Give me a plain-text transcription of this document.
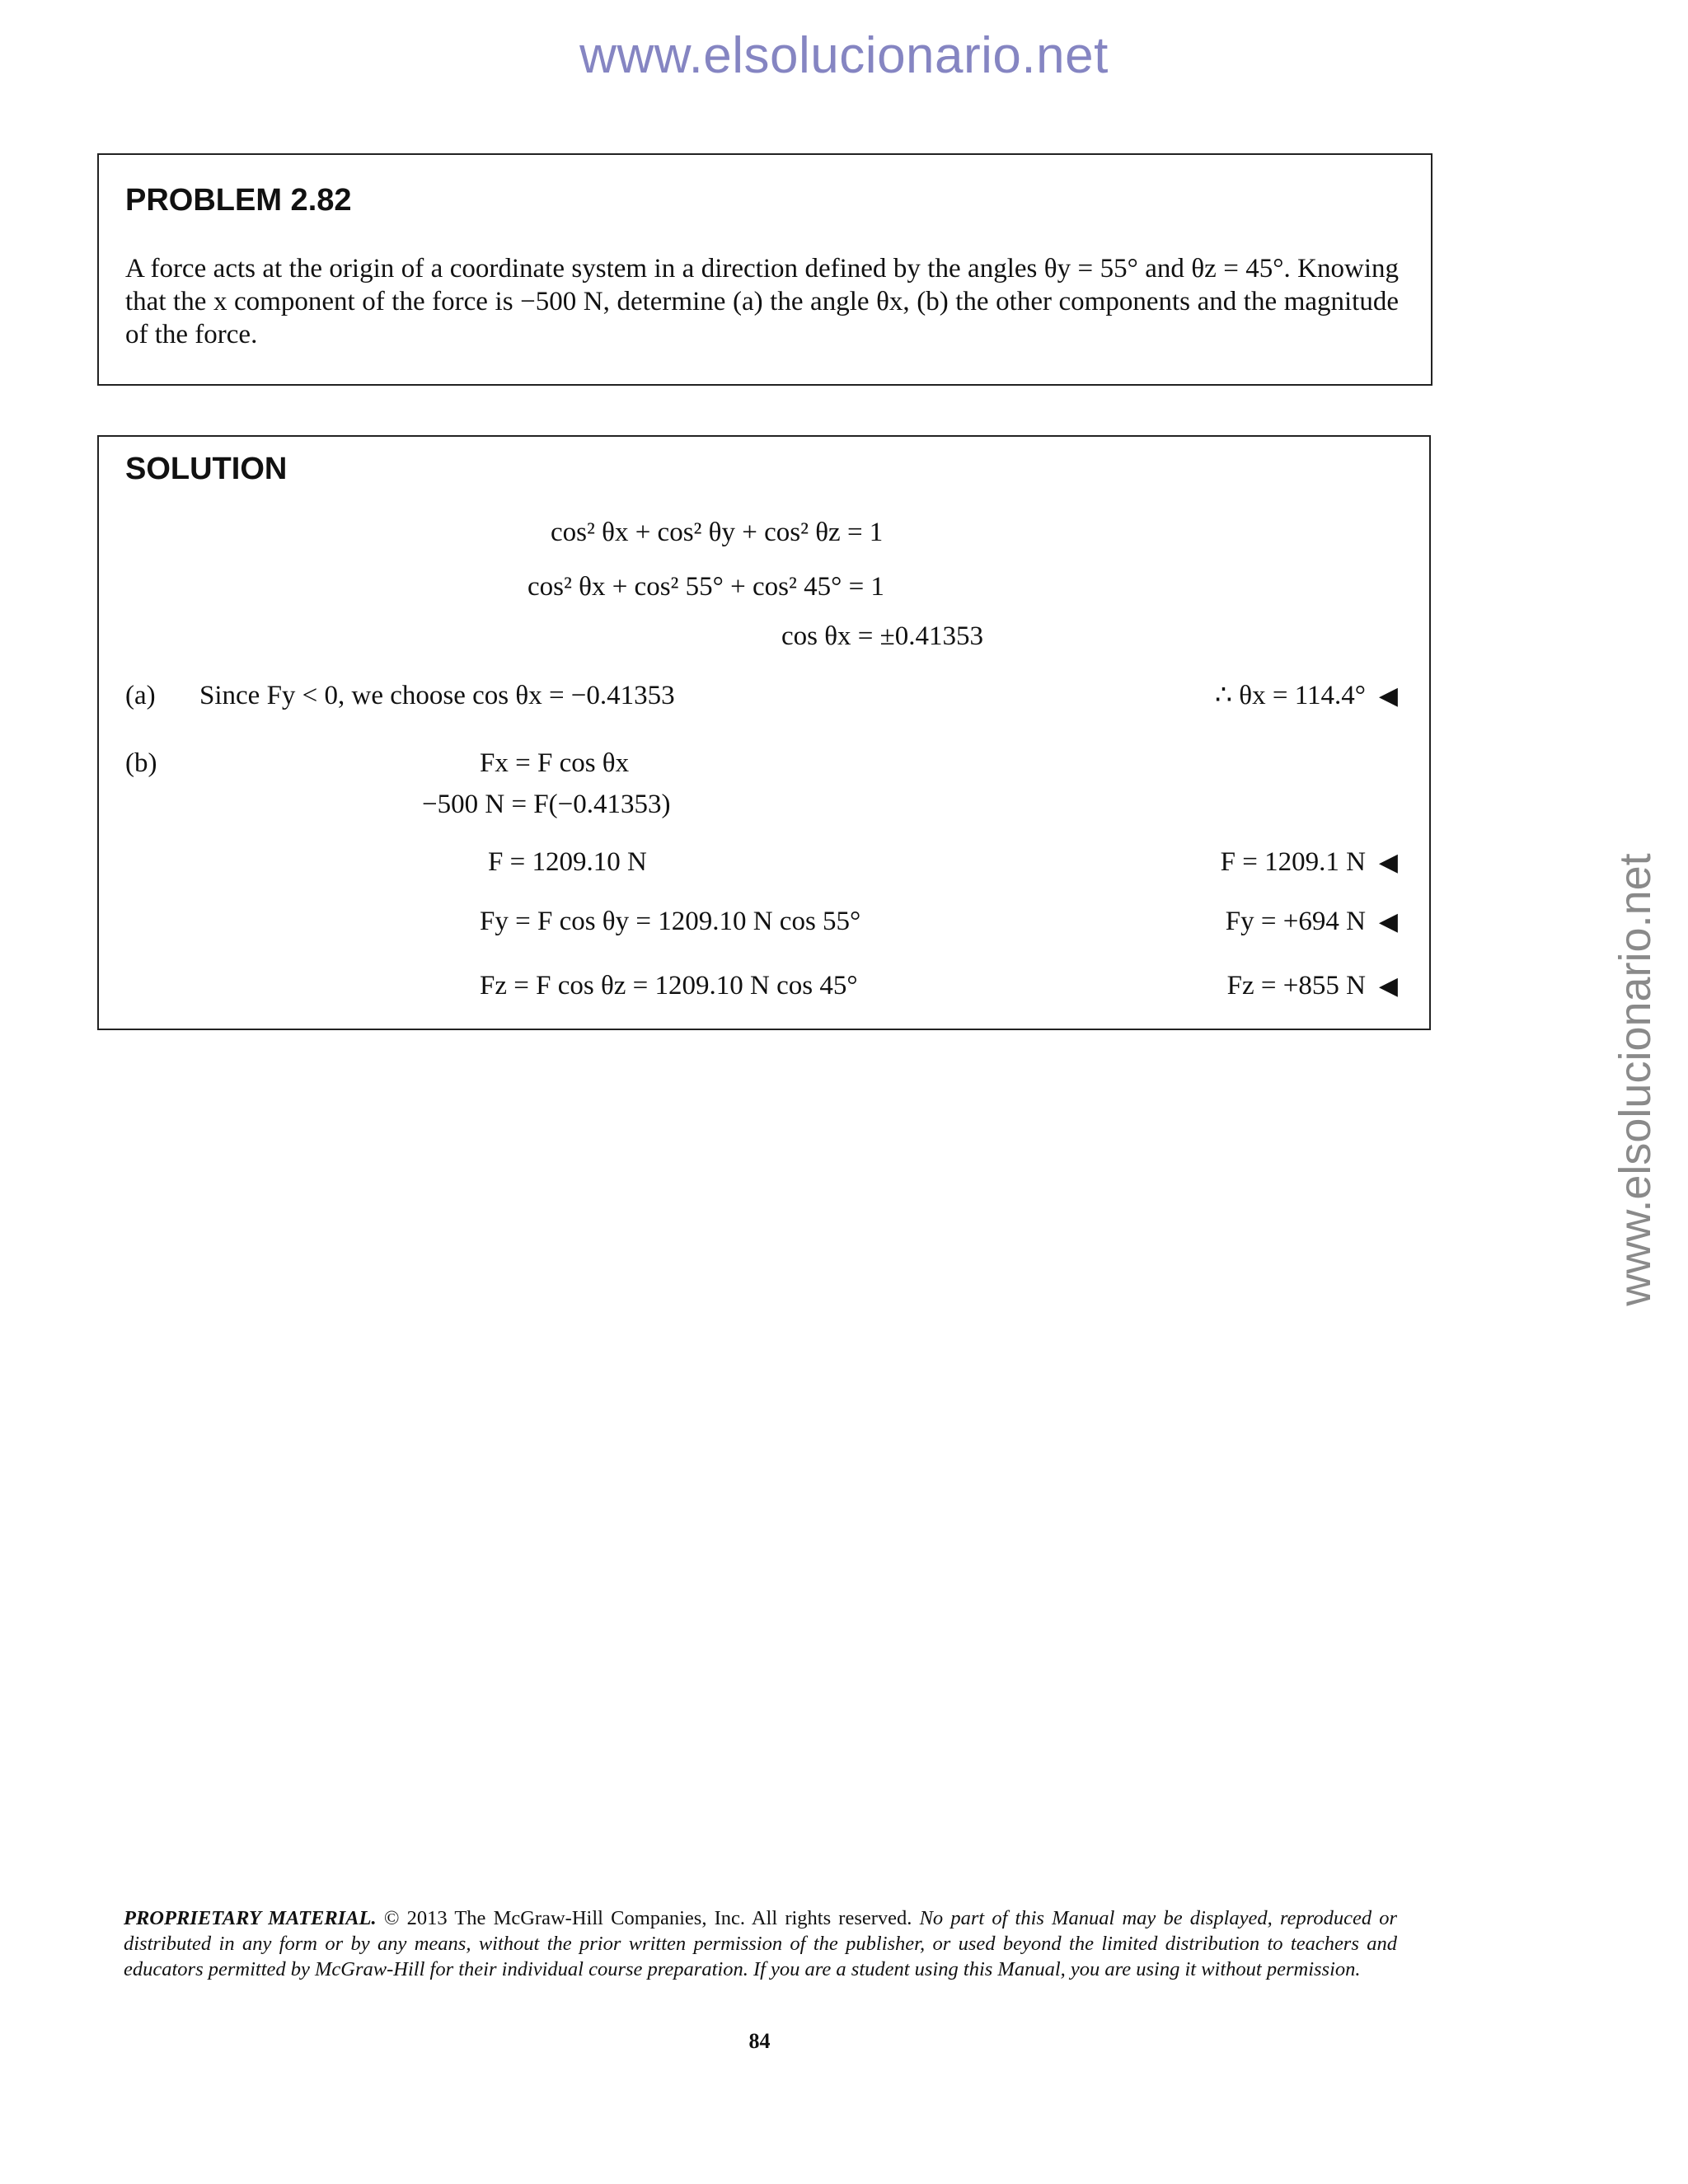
www.elsolucionario.net
www.elsolucionario.net
PROBLEM 2.82
A force acts at the origin of a coordinate system in a direction defined by the angles θy = 55° and θz = 45°. Knowing that the x component of the force is −500 N, determine (a) the angle θx, (b) the other components and the magnitude of the force.
SOLUTION
cos² θx + cos² θy + cos² θz = 1
cos² θx + cos² 55° + cos² 45° = 1
cos θx = ±0.41353
(a) Since Fy < 0, we choose cos θx = −0.41353	∴ θx = 114.4° ◀
(b)	Fx = F cos θx
−500 N = F(−0.41353)
F = 1209.10 N	F = 1209.1 N ◀
Fy = F cos θy = 1209.10 N cos 55°	Fy = +694 N ◀
Fz = F cos θz = 1209.10 N cos 45°	Fz = +855 N ◀
PROPRIETARY MATERIAL. © 2013 The McGraw-Hill Companies, Inc. All rights reserved. No part of this Manual may be displayed, reproduced or distributed in any form or by any means, without the prior written permission of the publisher, or used beyond the limited distribution to teachers and educators permitted by McGraw-Hill for their individual course preparation. If you are a student using this Manual, you are using it without permission.
84
